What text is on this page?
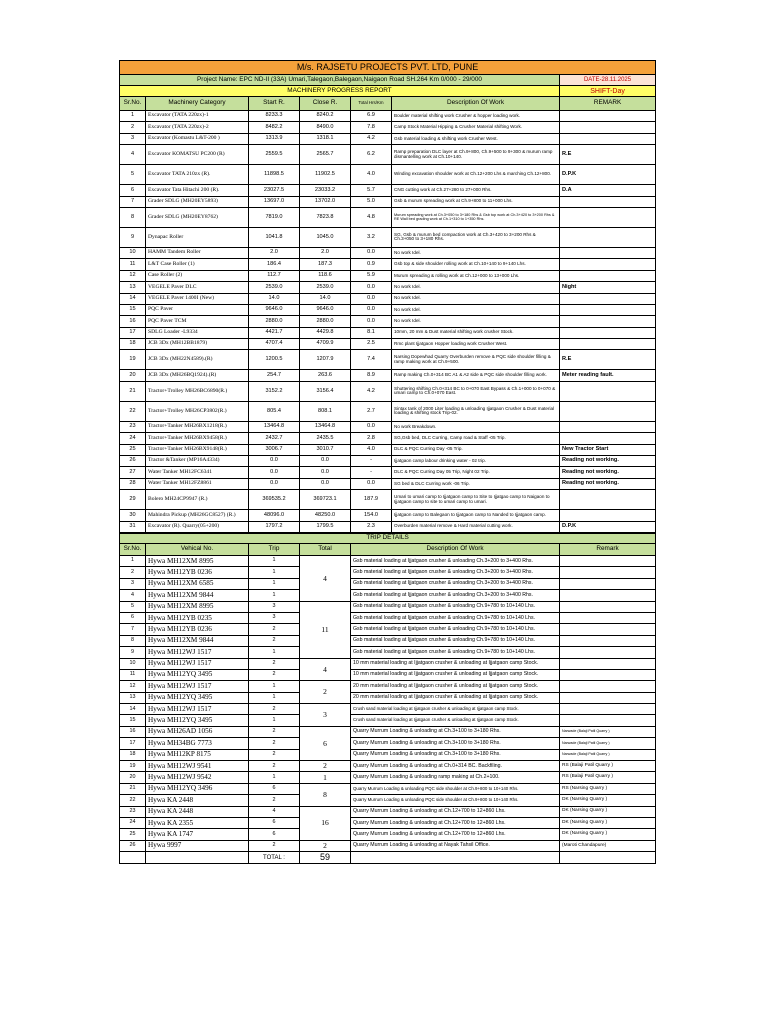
M/s. RAJSETU PROJECTS PVT. LTD, PUNE						
Project Name: EPC ND-II (33A) Umari,Talegaon,Balegaon,Naigaon Road SH.264 Km 0/000 - 29/000						DATE-28.11.2025
MACHINERY PROGRESS REPORT						SHIFT-Day
Sr.No.	Machinery Category	Start R.	Close R.	Total Hrs/Km	Description Of Work	REMARK
1	Excavator (TATA 220zx)-1	8233.3	8240.2	6.9	Boulder material shifting work Crusher & hopper loading work.	
2	Excavator (TATA 220zx)-2	8482.2	8490.0	7.8	Camp Stock Material Hipping & Crusher Material shifting Work.	
3	Excavator (Komastu L&T-200 )	1313.9	1318.1	4.2	Gsb material loading & shifting work Crusher West.	
4	Excavator KOMATSU PC200 (R)	2559.5	2565.7	6.2	Ramp preparation DLC layer at Ch.9+800, Ch.9+500 to 9+300 & murum ramp dismantelling work at Ch.10+140.	R.E
5	Excavator TATA 210zx (R).	11898.5	11902.5	4.0	Winding excavation shoulder work at Ch.12+200 Lhs & marching Ch.12+800.	D.P.K
6	Excavator Tata Hitachi 200 (R).	23027.5	23033.2	5.7	CNG cutting work at Ch.27+280 to 27+000 Rhs.	D.A
7	Grader SDLG (MH20EY5893)	13697.0	13702.0	5.0	Gsb & murum spreading work at Ch.9+800 to 11+000 Lhs.	
8	Grader SDLG (MH20EY8762)	7819.0	7823.8	4.8	Murum spreading work at Ch.3+050 to 3+180 Rhs & Gsb top work at Ch.3+420 to 3+200 Rhs & RE Wall bed grading work at Ch.1+310 to 1+350 Rhs.	
9	Dynapac Roller	1041.8	1045.0	3.2	SG, Gsb & murum bed compaction work at Ch.3+420 to 3+200 Rhs & Ch.3+050 to 3+180 Rhs.	
10	HAMM Tandem Roller	2.0	2.0	0.0	No work Idel.	
11	L&T Case Roller (1)	186.4	187.3	0.9	Gsb top & side shoulder rolling work at Ch.10+140 to 9+140 Lhs.	
12	Case Roller (2)	112.7	118.6	5.9	Murum spreading & rolling work at Ch.12+000 to 13+000 Lhs.	
13	VEGELE Paver DLC	2539.0	2539.0	0.0	No work Idel.	Night
14	VEGELE Paver 1400I (New)	14.0	14.0	0.0	No work Idel.	
15	PQC Paver	9646.0	9646.0	0.0	No work Idel.	
16	PQC Paver TCM	2880.0	2880.0	0.0	No work Idel.	
17	SDLG Loader -L9334	4421.7	4429.8	8.1	10mm, 20 mm & Dust material shifting work crusher Stock.	
18	JCB 3Dx (MH12BB1879)	4707.4	4709.9	2.5	Rmc plant Ijjatgaon Hopper loading work Crusher West.	
19	JCB 3Dx (MH22N4589).(R)	1200.5	1207.9	7.4	Narsing Dopewhad Quarry Overburden remove & PQC side shoulder filling & ramp making work at Ch.9+500.	R.E
20	JCB 3Dx (MH26BQ1924).(R)	254.7	263.6	8.9	Ramp making Ch.0+314 BC A1 & A2 side & PQC side shoulder filling work.	Meter reading fault.
21	Tractor+Trolley MH26BC6890(R.)	3152.2	3156.4	4.2	Shuttering shifting Ch.0+314 BC to 0+070 East Bypass & Ch.1+000 to 0+070 & umari camp to Ch.0+070 East.	
22	Tractor+Trolley MH26CP3802(R.)	805.4	808.1	2.7	Sintax tank of 2000 Liter loading & unloading Ijjatgaon Crusher & Dust material loading & shifting stock Trip-02.	
23	Tractor+Tanker MH26BX1218(R.)	13464.8	13464.8	0.0	No work Breakdown.	
24	Tractor+Tanker MH26BX9458(R.)	2432.7	2435.5	2.8	SG,Gsb bed, DLC Curring, Camp road & Staff -05 Trip.	
25	Tractor+Tanker MH26BX9148(R.)	3006.7	3010.7	4.0	DLC & PQC Curring Day -05 Trip.	New Tractor Start
26	Tractor &Tanker (MP16A4334)	0.0	0.0	-	Ijjatgaon camp labour drinking water - 02 trip.	Reading not working.
27	Water Tanker MH12FC6341	0.0	0.0	-	DLC & PQC Curring Day 05 Trip, Night 02 Trip.	Reading not working.
28	Water Tanker MH12FZ8861	0.0	0.0	0.0	SG bed & DLC Curring work -06 Trip.	Reading not working.
29	Bolero MH24CP9947 (R.)	369535.2	369723.1	187.9	Umari to umari camp to Ijjatgaon camp to Site to Ijjatgao camp to Naigaon to Ijjatgaon camp to site to umari camp to umari.	
30	Mahindra Pickup (MH26GC8527) (R.)	48096.0	48250.0	154.0	Ijjatgaon camp to Balegaon to Ijjatgaon camp to Nanded to Ijjatgaon camp.	
31	Excavator (R). Quarry(05+200)	1797.2	1799.5	2.3	Overburden material remove & Hard material cutting work.	D.P.K
TRIP DETAILS					
Sr.No.	Vehical No.	Trip	Total	Description Of Work	Remark
1	Hywa MH12XM 8995	1	4	Gsb material loading at Ijjatgaon crusher & unloading Ch.3+200 to 3+400 Rhs.	
2	Hywa MH12YB 0236	1		Gsb material loading at Ijjatgaon crusher & unloading Ch.3+200 to 3+400 Rhs.	
3	Hywa MH12XM 6585	1		Gsb material loading at Ijjatgaon crusher & unloading Ch.3+200 to 3+400 Rhs.	
4	Hywa MH12XM 9844	1		Gsb material loading at Ijjatgaon crusher & unloading Ch.3+200 to 3+400 Rhs.	
5	Hywa MH12XM 8995	3	11	Gsb material loading at Ijjatgaon crusher & unloading Ch.9+780 to 10+140 Lhs.	
6	Hywa MH12YB 0235	3		Gsb material loading at Ijjatgaon crusher & unloading Ch.9+780 to 10+140 Lhs.	
7	Hywa MH12YB 0236	2		Gsb material loading at Ijjatgaon crusher & unloading Ch.9+780 to 10+140 Lhs.	
8	Hywa MH12XM 9844	2		Gsb material loading at Ijjatgaon crusher & unloading Ch.9+780 to 10+140 Lhs.	
9	Hywa MH12WJ 1517	1		Gsb material loading at Ijjatgaon crusher & unloading Ch.9+780 to 10+140 Lhs.	
10	Hywa MH12WJ 1517	2	4	10 mm material loading at Ijjatgaon crusher & unloading at Ijjatgaon camp Stock.	
11	Hywa MH12YQ 3495	2		10 mm material loading at Ijjatgaon crusher & unloading at Ijjatgaon camp Stock.	
12	Hywa MH12WJ 1517	1	2	20 mm material loading at Ijjatgaon crusher & unloading at Ijjatgaon camp Stock.	
13	Hywa MH12YQ 3495	1		20 mm material loading at Ijjatgaon crusher & unloading at Ijjatgaon camp Stock.	
14	Hywa MH12WJ 1517	2	3	Crush sand material loading at Ijjatgaon crusher & unloading at Ijjatgaon camp Stock.	
15	Hywa MH12YQ 3495	1		Crush sand material loading at Ijjatgaon crusher & unloading at Ijjatgaon camp Stock.	
16	Hywa MH26AD 1056	2	6	Quarry Murrum Loading & unloading at Ch.3+100 to 3+180 Rhs.	Narwade (Balaji Patil Quarry )
17	Hywa MH34BG 7773	2		Quarry Murrum Loading & unloading at Ch.3+100 to 3+180 Rhs.	Narwade (Balaji Patil Quarry )
18	Hywa MH12KP 8175	2		Quarry Murrum Loading & unloading at Ch.3+100 to 3+180 Rhs.	Narwade (Balaji Patil Quarry )
19	Hywa MH12WJ 9541	2	2	Quarry Murrum Loading & unloading at Ch.0+314 BC. Backfiling.	RS (Balaji Patil Quarry )
20	Hywa MH12WJ 9542	1	1	Quarry Murrum Loading & unloading ramp making at Ch.2+100.	RS (Balaji Patil Quarry )
21	Hywa MH12YQ 3496	6	8	Quarry Murrum Loading & unloading PQC side shoulder at Ch.9+800 to 10+140 Rhs.	RS (Narsing Quarry )
22	Hywa KA 2448	2		Quarry Murrum Loading & unloading PQC side shoulder at Ch.9+800 to 10+140 Rhs.	DK (Narsing Quarry )
23	Hywa KA 2448	4	16	Quarry Murrum Loading & unloading at Ch.12+700 to 12+860 Lhs.	DK (Narsing Quarry )
24	Hywa KA 2355	6		Quarry Murrum Loading & unloading at Ch.12+700 to 12+860 Lhs.	DK (Narsing Quarry )
25	Hywa KA 1747	6		Quarry Murrum Loading & unloading at Ch.12+700 to 12+860 Lhs.	DK (Narsing Quarry )
26	Hywa 9997	2	2	Quarry Murrum Loading & unloading at Nayak Tahsil Office.	(Maroti Chandapure)
		TOTAL :	59		
